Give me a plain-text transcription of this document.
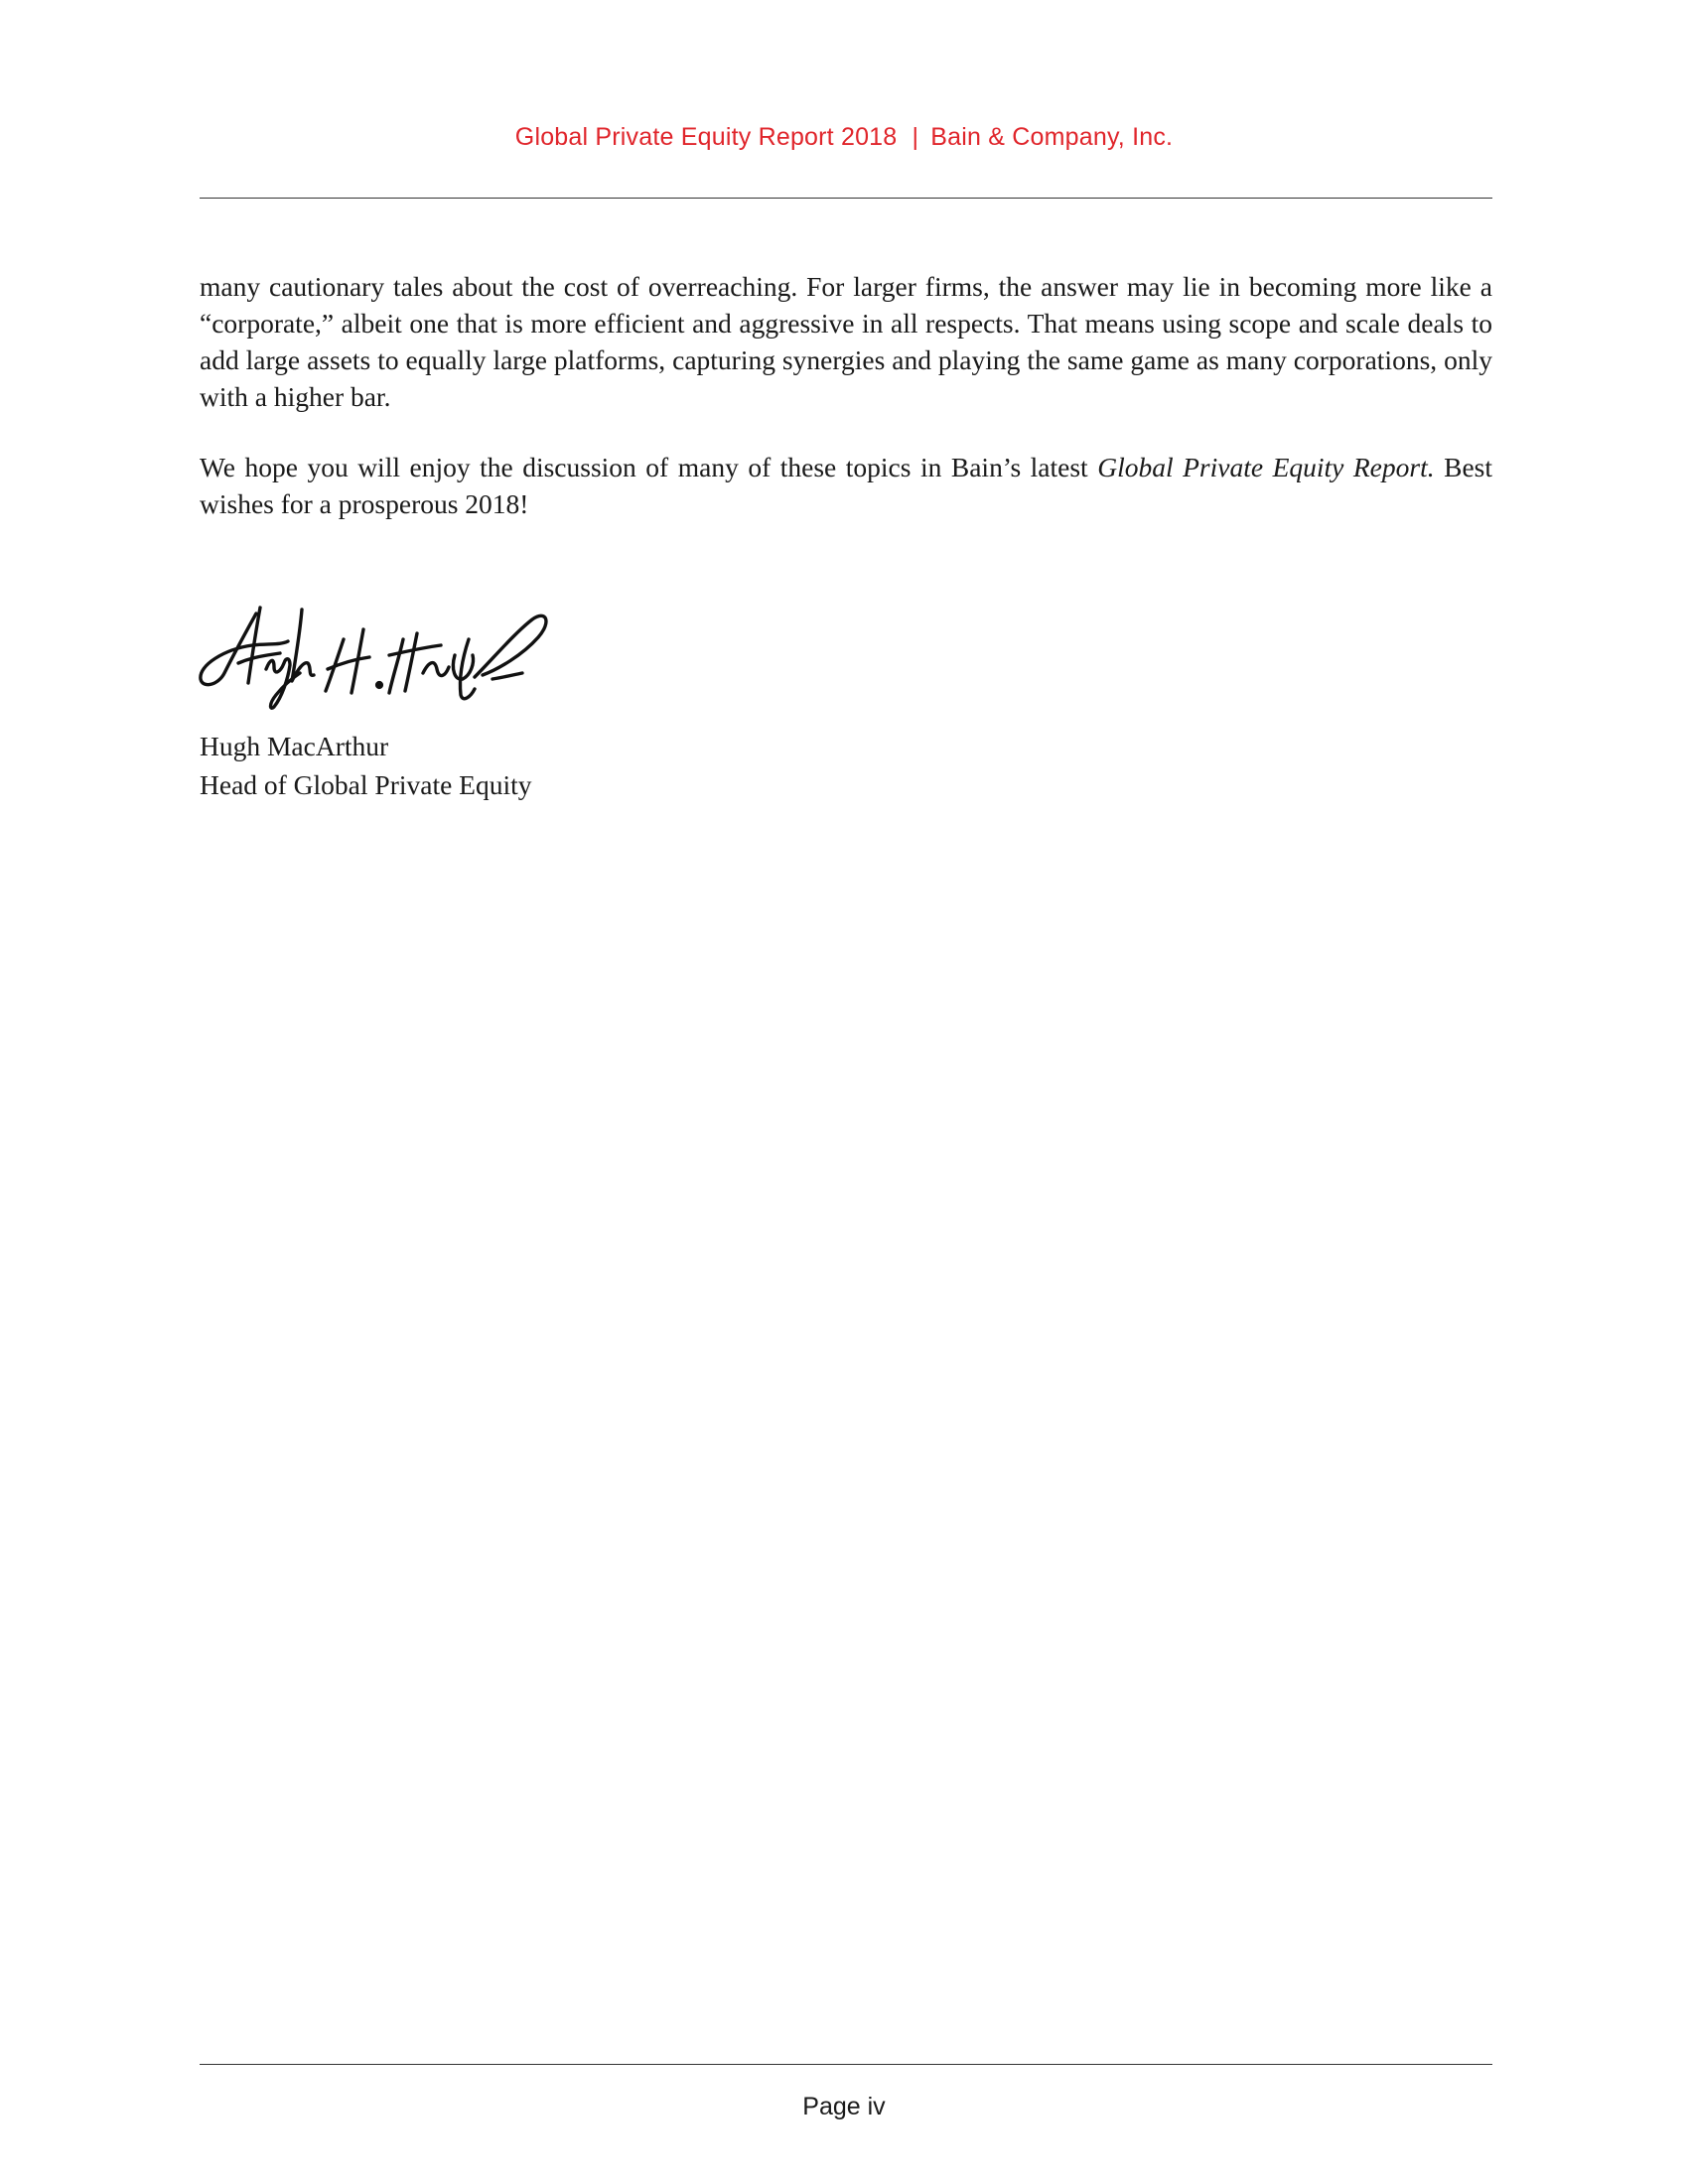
Global Private Equity Report 2018 | Bain & Company, Inc.

many cautionary tales about the cost of overreaching. For larger firms, the answer may lie in becoming more like a “corporate,” albeit one that is more efficient and aggressive in all respects. That means using scope and scale deals to add large assets to equally large platforms, capturing synergies and playing the same game as many corporations, only with a higher bar.

We hope you will enjoy the discussion of many of these topics in Bain’s latest Global Private Equity Report. Best wishes for a prosperous 2018!

Hugh MacArthur
Head of Global Private Equity
Page iv
